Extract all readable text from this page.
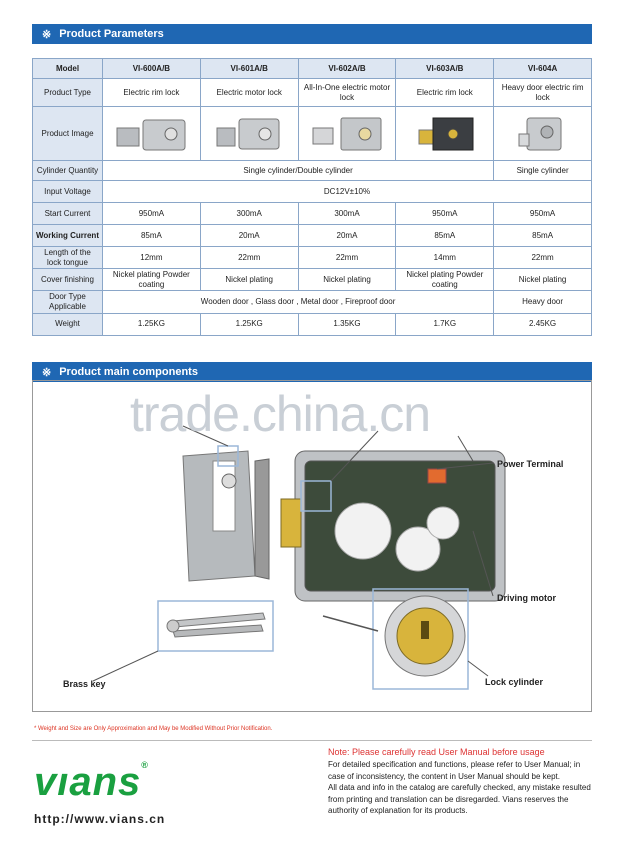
※ Product Parameters
Model	VI-600A/B	VI-601A/B	VI-602A/B	VI-603A/B	VI-604A
Product Type	Electric rim lock	Electric motor lock	All-In-One electric motor lock	Electric rim lock	Heavy door electric rim lock
Product Image	

Cylinder Quantity	Single cylinder/Double cylinder				Single cylinder
Input Voltage	DC12V±10%				
Start Current	950mA	300mA	300mA	950mA	950mA
Working Current	85mA	20mA	20mA	85mA	85mA
Length of the lock tongue	12mm	22mm	22mm	14mm	22mm
Cover finishing	Nickel plating Powder coating	Nickel plating	Nickel plating	Nickel plating Powder coating	Nickel plating
Door Type Applicable	Wooden door , Glass door , Metal door , Fireproof door				Heavy door
Weight	1.25KG	1.25KG	1.35KG	1.7KG	2.45KG
※ Product main components
Power Terminal
Driving motor
Brass key	Lock cylinder
trade.china.cn
* Weight and Size are Only Approximation and May be Modified Without Prior Notification.
vıans®
http://www.vians.cn
Note: Please carefully read User Manual before usage
For detailed specification and functions, please refer to User Manual; in case of inconsistency, the content in User Manual should be kept.
All data and info in the catalog are carefully checked, any mistake resulted from printing and translation can be disregarded. Vians reserves the authority of explanation for its products.
